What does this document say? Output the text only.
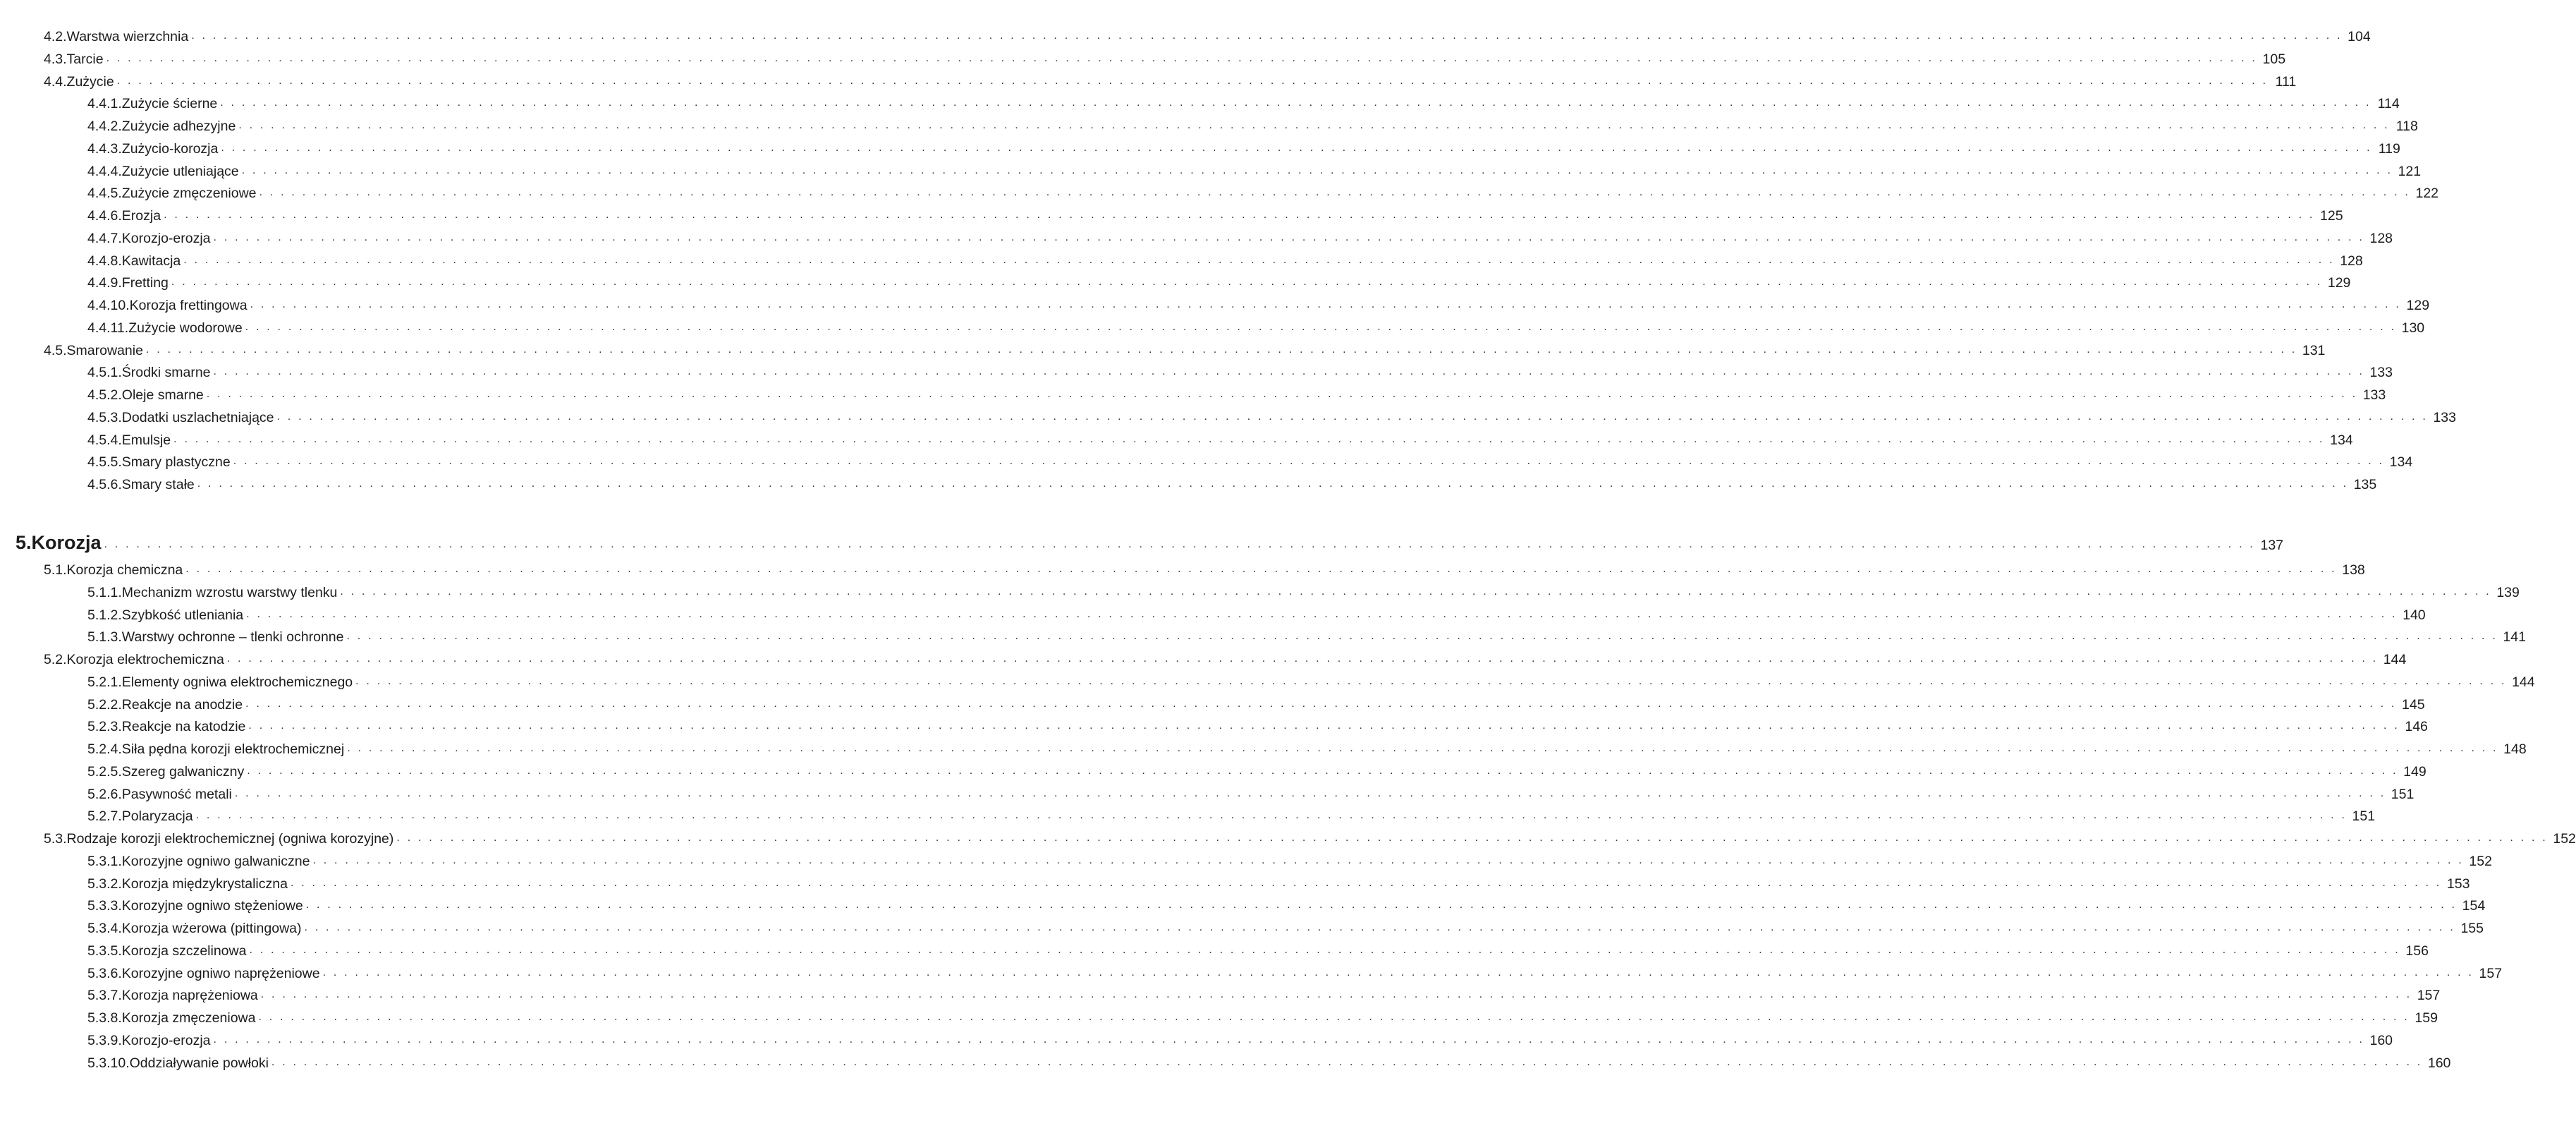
4.2. Warstwa wierzchnia . . . . . . . . . . . . . . . . . . . . . . . . . . . . . . . . . . . . . . . . . . . . . . . . . . . . . . . . . . . . . . . . . . . . . . . . . . . . . . . . . . . . . . . . . . . . . . . . . . . . . . . . . . . . . . . . . . . . . . . . . . . . . . . . . . . . . . . . . . . . . . . . . . . . . . . . . . . . . . . . . . . . . . . . . . . . . . . . . . . . . . . . . . . . . . . . . . . . . . . . 104
4.3. Tarcie . . . . . . . . . . . . . . . . . . . . . . . . . . . . . . . . . . . . . . . . . . . . . . . . . . . . . . . . . . . . . . . . . . . . . . . . . . . . . . . . . . . . . . . . . . . . . . . . . . . . . . . . . . . . . . . . . . . . . . . . . . . . . . . . . . . . . . . . . . . . . . . . . . . . . . . . . . . . . . . . . . . . . . . . . . . . . . . . . . . . . . . . . . . . . . . . . . . . . . . . 105
4.4. Zużycie . . . . . . . . . . . . . . . . . . . . . . . . . . . . . . . . . . . . . . . . . . . . . . . . . . . . . . . . . . . . . . . . . . . . . . . . . . . . . . . . . . . . . . . . . . . . . . . . . . . . . . . . . . . . . . . . . . . . . . . . . . . . . . . . . . . . . . . . . . . . . . . . . . . . . . . . . . . . . . . . . . . . . . . . . . . . . . . . . . . . . . . . . . . . . . . . . . . . . . . . 111
4.4.1. Zużycie ścierne . . . . . . . . . . . . . . . . . . . . . . . . . . . . . . . . . . . . . . . . . . . . . . . . . . . . . . . . . . . . . . . . . . . . . . . . . . . . . . . . . . . . . . . . . . . . . . . . . . . . . . . . . . . . . . . . . . . . . . . . . . . . . . . . . . . . . . . . . . . . . . . . . . . . . . . . . . . . . . . . . . . . . . . . . . . . . . . . . . . . . . . . . . . . . . . . . . . . . . . . 114
4.4.2. Zużycie adhezyjne . . . . . . . . . . . . . . . . . . . . . . . . . . . . . . . . . . . . . . . . . . . . . . . . . . . . . . . . . . . . . . . . . . . . . . . . . . . . . . . . . . . . . . . . . . . . . . . . . . . . . . . . . . . . . . . . . . . . . . . . . . . . . . . . . . . . . . . . . . . . . . . . . . . . . . . . . . . . . . . . . . . . . . . . . . . . . . . . . . . . . . . . . . . . . . . . . . . . . . . . 118
4.4.3. Zużycio-korozja . . . . . . . . . . . . . . . . . . . . . . . . . . . . . . . . . . . . . . . . . . . . . . . . . . . . . . . . . . . . . . . . . . . . . . . . . . . . . . . . . . . . . . . . . . . . . . . . . . . . . . . . . . . . . . . . . . . . . . . . . . . . . . . . . . . . . . . . . . . . . . . . . . . . . . . . . . . . . . . . . . . . . . . . . . . . . . . . . . . . . . . . . . . . . . . . . . . . . . . . 119
4.4.4. Zużycie utleniające . . . . . . . . . . . . . . . . . . . . . . . . . . . . . . . . . . . . . . . . . . . . . . . . . . . . . . . . . . . . . . . . . . . . . . . . . . . . . . . . . . . . . . . . . . . . . . . . . . . . . . . . . . . . . . . . . . . . . . . . . . . . . . . . . . . . . . . . . . . . . . . . . . . . . . . . . . . . . . . . . . . . . . . . . . . . . . . . . . . . . . . . . . . . . . . . . . . . . . . . 121
4.4.5. Zużycie zmęczeniowe . . . . . . . . . . . . . . . . . . . . . . . . . . . . . . . . . . . . . . . . . . . . . . . . . . . . . . . . . . . . . . . . . . . . . . . . . . . . . . . . . . . . . . . . . . . . . . . . . . . . . . . . . . . . . . . . . . . . . . . . . . . . . . . . . . . . . . . . . . . . . . . . . . . . . . . . . . . . . . . . . . . . . . . . . . . . . . . . . . . . . . . . . . . . . . . . . . . . . . . . 122
4.4.6. Erozja . . . . . . . . . . . . . . . . . . . . . . . . . . . . . . . . . . . . . . . . . . . . . . . . . . . . . . . . . . . . . . . . . . . . . . . . . . . . . . . . . . . . . . . . . . . . . . . . . . . . . . . . . . . . . . . . . . . . . . . . . . . . . . . . . . . . . . . . . . . . . . . . . . . . . . . . . . . . . . . . . . . . . . . . . . . . . . . . . . . . . . . . . . . . . . . . . . . . . . . . 125
4.4.7. Korozjo-erozja . . . . . . . . . . . . . . . . . . . . . . . . . . . . . . . . . . . . . . . . . . . . . . . . . . . . . . . . . . . . . . . . . . . . . . . . . . . . . . . . . . . . . . . . . . . . . . . . . . . . . . . . . . . . . . . . . . . . . . . . . . . . . . . . . . . . . . . . . . . . . . . . . . . . . . . . . . . . . . . . . . . . . . . . . . . . . . . . . . . . . . . . . . . . . . . . . . . . . . . . 128
4.4.8. Kawitacja . . . . . . . . . . . . . . . . . . . . . . . . . . . . . . . . . . . . . . . . . . . . . . . . . . . . . . . . . . . . . . . . . . . . . . . . . . . . . . . . . . . . . . . . . . . . . . . . . . . . . . . . . . . . . . . . . . . . . . . . . . . . . . . . . . . . . . . . . . . . . . . . . . . . . . . . . . . . . . . . . . . . . . . . . . . . . . . . . . . . . . . . . . . . . . . . . . . . . . . . 128
4.4.9. Fretting . . . . . . . . . . . . . . . . . . . . . . . . . . . . . . . . . . . . . . . . . . . . . . . . . . . . . . . . . . . . . . . . . . . . . . . . . . . . . . . . . . . . . . . . . . . . . . . . . . . . . . . . . . . . . . . . . . . . . . . . . . . . . . . . . . . . . . . . . . . . . . . . . . . . . . . . . . . . . . . . . . . . . . . . . . . . . . . . . . . . . . . . . . . . . . . . . . . . . . . . 129
4.4.10. Korozja frettingowa . . . . . . . . . . . . . . . . . . . . . . . . . . . . . . . . . . . . . . . . . . . . . . . . . . . . . . . . . . . . . . . . . . . . . . . . . . . . . . . . . . . . . . . . . . . . . . . . . . . . . . . . . . . . . . . . . . . . . . . . . . . . . . . . . . . . . . . . . . . . . . . . . . . . . . . . . . . . . . . . . . . . . . . . . . . . . . . . . . . . . . . . . . . . . . . . . . . . . . . . 129
4.4.11. Zużycie wodorowe . . . . . . . . . . . . . . . . . . . . . . . . . . . . . . . . . . . . . . . . . . . . . . . . . . . . . . . . . . . . . . . . . . . . . . . . . . . . . . . . . . . . . . . . . . . . . . . . . . . . . . . . . . . . . . . . . . . . . . . . . . . . . . . . . . . . . . . . . . . . . . . . . . . . . . . . . . . . . . . . . . . . . . . . . . . . . . . . . . . . . . . . . . . . . . . . . . . . . . . . 130
4.5. Smarowanie . . . . . . . . . . . . . . . . . . . . . . . . . . . . . . . . . . . . . . . . . . . . . . . . . . . . . . . . . . . . . . . . . . . . . . . . . . . . . . . . . . . . . . . . . . . . . . . . . . . . . . . . . . . . . . . . . . . . . . . . . . . . . . . . . . . . . . . . . . . . . . . . . . . . . . . . . . . . . . . . . . . . . . . . . . . . . . . . . . . . . . . . . . . . . . . . . . . . . . . . 131
4.5.1. Środki smarne . . . . . . . . . . . . . . . . . . . . . . . . . . . . . . . . . . . . . . . . . . . . . . . . . . . . . . . . . . . . . . . . . . . . . . . . . . . . . . . . . . . . . . . . . . . . . . . . . . . . . . . . . . . . . . . . . . . . . . . . . . . . . . . . . . . . . . . . . . . . . . . . . . . . . . . . . . . . . . . . . . . . . . . . . . . . . . . . . . . . . . . . . . . . . . . . . . . . . . . . 133
4.5.2. Oleje smarne . . . . . . . . . . . . . . . . . . . . . . . . . . . . . . . . . . . . . . . . . . . . . . . . . . . . . . . . . . . . . . . . . . . . . . . . . . . . . . . . . . . . . . . . . . . . . . . . . . . . . . . . . . . . . . . . . . . . . . . . . . . . . . . . . . . . . . . . . . . . . . . . . . . . . . . . . . . . . . . . . . . . . . . . . . . . . . . . . . . . . . . . . . . . . . . . . . . . . . . . 133
4.5.3. Dodatki uszlachetniające . . . . . . . . . . . . . . . . . . . . . . . . . . . . . . . . . . . . . . . . . . . . . . . . . . . . . . . . . . . . . . . . . . . . . . . . . . . . . . . . . . . . . . . . . . . . . . . . . . . . . . . . . . . . . . . . . . . . . . . . . . . . . . . . . . . . . . . . . . . . . . . . . . . . . . . . . . . . . . . . . . . . . . . . . . . . . . . . . . . . . . . . . . . . . . . . . . . . . . . . 133
4.5.4. Emulsje . . . . . . . . . . . . . . . . . . . . . . . . . . . . . . . . . . . . . . . . . . . . . . . . . . . . . . . . . . . . . . . . . . . . . . . . . . . . . . . . . . . . . . . . . . . . . . . . . . . . . . . . . . . . . . . . . . . . . . . . . . . . . . . . . . . . . . . . . . . . . . . . . . . . . . . . . . . . . . . . . . . . . . . . . . . . . . . . . . . . . . . . . . . . . . . . . . . . . . . . 134
4.5.5. Smary plastyczne . . . . . . . . . . . . . . . . . . . . . . . . . . . . . . . . . . . . . . . . . . . . . . . . . . . . . . . . . . . . . . . . . . . . . . . . . . . . . . . . . . . . . . . . . . . . . . . . . . . . . . . . . . . . . . . . . . . . . . . . . . . . . . . . . . . . . . . . . . . . . . . . . . . . . . . . . . . . . . . . . . . . . . . . . . . . . . . . . . . . . . . . . . . . . . . . . . . . . . . . 134
4.5.6. Smary stałe . . . . . . . . . . . . . . . . . . . . . . . . . . . . . . . . . . . . . . . . . . . . . . . . . . . . . . . . . . . . . . . . . . . . . . . . . . . . . . . . . . . . . . . . . . . . . . . . . . . . . . . . . . . . . . . . . . . . . . . . . . . . . . . . . . . . . . . . . . . . . . . . . . . . . . . . . . . . . . . . . . . . . . . . . . . . . . . . . . . . . . . . . . . . . . . . . . . . . . . . 135
5. Korozja . . . . . . . . . . . . . . . . . . . . . . . . . . . . . . . . . . . . . . . . . . . . . . . . . . . . . . . . . . . . . . . . . . . . . . . . . . . . . . . . . . . . . . . . . . . . . . . . . . . . . . . . . . . . . . . . . . . . . . . . . . . . . . . . . . . . . . . . . . . . . . . . . . . . . . . . . . . . . . . . . . . . . . . . . . . . . . . . . . . . . . . . . . . . . . . . . . . . . . . . 137
5.1. Korozja chemiczna . . . . . . . . . . . . . . . . . . . . . . . . . . . . . . . . . . . . . . . . . . . . . . . . . . . . . . . . . . . . . . . . . . . . . . . . . . . . . . . . . . . . . . . . . . . . . . . . . . . . . . . . . . . . . . . . . . . . . . . . . . . . . . . . . . . . . . . . . . . . . . . . . . . . . . . . . . . . . . . . . . . . . . . . . . . . . . . . . . . . . . . . . . . . . . . . . . . . . . . . 138
5.1.1. Mechanizm wzrostu warstwy tlenku . . . . . . . . . . . . . . . . . . . . . . . . . . . . . . . . . . . . . . . . . . . . . . . . . . . . . . . . . . . . . . . . . . . . . . . . . . . . . . . . . . . . . . . . . . . . . . . . . . . . . . . . . . . . . . . . . . . . . . . . . . . . . . . . . . . . . . . . . . . . . . . . . . . . . . . . . . . . . . . . . . . . . . . . . . . . . . . . . . . . . . . . . . . . . . . . . . . . . . . . 139
5.1.2. Szybkość utleniania . . . . . . . . . . . . . . . . . . . . . . . . . . . . . . . . . . . . . . . . . . . . . . . . . . . . . . . . . . . . . . . . . . . . . . . . . . . . . . . . . . . . . . . . . . . . . . . . . . . . . . . . . . . . . . . . . . . . . . . . . . . . . . . . . . . . . . . . . . . . . . . . . . . . . . . . . . . . . . . . . . . . . . . . . . . . . . . . . . . . . . . . . . . . . . . . . . . . . . . . 140
5.1.3. Warstwy ochronne – tlenki ochronne . . . . . . . . . . . . . . . . . . . . . . . . . . . . . . . . . . . . . . . . . . . . . . . . . . . . . . . . . . . . . . . . . . . . . . . . . . . . . . . . . . . . . . . . . . . . . . . . . . . . . . . . . . . . . . . . . . . . . . . . . . . . . . . . . . . . . . . . . . . . . . . . . . . . . . . . . . . . . . . . . . . . . . . . . . . . . . . . . . . . . . . . . . . . . . . . . . . . . . . . 141
5.2. Korozja elektrochemiczna . . . . . . . . . . . . . . . . . . . . . . . . . . . . . . . . . . . . . . . . . . . . . . . . . . . . . . . . . . . . . . . . . . . . . . . . . . . . . . . . . . . . . . . . . . . . . . . . . . . . . . . . . . . . . . . . . . . . . . . . . . . . . . . . . . . . . . . . . . . . . . . . . . . . . . . . . . . . . . . . . . . . . . . . . . . . . . . . . . . . . . . . . . . . . . . . . . . . . . . . 144
5.2.1. Elementy ogniwa elektrochemicznego . . . . . . . . . . . . . . . . . . . . . . . . . . . . . . . . . . . . . . . . . . . . . . . . . . . . . . . . . . . . . . . . . . . . . . . . . . . . . . . . . . . . . . . . . . . . . . . . . . . . . . . . . . . . . . . . . . . . . . . . . . . . . . . . . . . . . . . . . . . . . . . . . . . . . . . . . . . . . . . . . . . . . . . . . . . . . . . . . . . . . . . . . . . . . . . . . . . . . . . . 144
5.2.2. Reakcje na anodzie . . . . . . . . . . . . . . . . . . . . . . . . . . . . . . . . . . . . . . . . . . . . . . . . . . . . . . . . . . . . . . . . . . . . . . . . . . . . . . . . . . . . . . . . . . . . . . . . . . . . . . . . . . . . . . . . . . . . . . . . . . . . . . . . . . . . . . . . . . . . . . . . . . . . . . . . . . . . . . . . . . . . . . . . . . . . . . . . . . . . . . . . . . . . . . . . . . . . . . . . 145
5.2.3. Reakcje na katodzie . . . . . . . . . . . . . . . . . . . . . . . . . . . . . . . . . . . . . . . . . . . . . . . . . . . . . . . . . . . . . . . . . . . . . . . . . . . . . . . . . . . . . . . . . . . . . . . . . . . . . . . . . . . . . . . . . . . . . . . . . . . . . . . . . . . . . . . . . . . . . . . . . . . . . . . . . . . . . . . . . . . . . . . . . . . . . . . . . . . . . . . . . . . . . . . . . . . . . . . . 146
5.2.4. Siła pędna korozji elektrochemicznej . . . . . . . . . . . . . . . . . . . . . . . . . . . . . . . . . . . . . . . . . . . . . . . . . . . . . . . . . . . . . . . . . . . . . . . . . . . . . . . . . . . . . . . . . . . . . . . . . . . . . . . . . . . . . . . . . . . . . . . . . . . . . . . . . . . . . . . . . . . . . . . . . . . . . . . . . . . . . . . . . . . . . . . . . . . . . . . . . . . . . . . . . . . . . . . . . . . . . . . . 148
5.2.5. Szereg galwaniczny . . . . . . . . . . . . . . . . . . . . . . . . . . . . . . . . . . . . . . . . . . . . . . . . . . . . . . . . . . . . . . . . . . . . . . . . . . . . . . . . . . . . . . . . . . . . . . . . . . . . . . . . . . . . . . . . . . . . . . . . . . . . . . . . . . . . . . . . . . . . . . . . . . . . . . . . . . . . . . . . . . . . . . . . . . . . . . . . . . . . . . . . . . . . . . . . . . . . . . . . 149
5.2.6. Pasywność metali . . . . . . . . . . . . . . . . . . . . . . . . . . . . . . . . . . . . . . . . . . . . . . . . . . . . . . . . . . . . . . . . . . . . . . . . . . . . . . . . . . . . . . . . . . . . . . . . . . . . . . . . . . . . . . . . . . . . . . . . . . . . . . . . . . . . . . . . . . . . . . . . . . . . . . . . . . . . . . . . . . . . . . . . . . . . . . . . . . . . . . . . . . . . . . . . . . . . . . . . 151
5.2.7. Polaryzacja . . . . . . . . . . . . . . . . . . . . . . . . . . . . . . . . . . . . . . . . . . . . . . . . . . . . . . . . . . . . . . . . . . . . . . . . . . . . . . . . . . . . . . . . . . . . . . . . . . . . . . . . . . . . . . . . . . . . . . . . . . . . . . . . . . . . . . . . . . . . . . . . . . . . . . . . . . . . . . . . . . . . . . . . . . . . . . . . . . . . . . . . . . . . . . . . . . . . . . . . 151
5.3. Rodzaje korozji elektrochemicznej (ogniwa korozyjne) . . . . . . . . . . . . . . . . . . . . . . . . . . . . . . . . . . . . . . . . . . . . . . . . . . . . . . . . . . . . . . . . . . . . . . . . . . . . . . . . . . . . . . . . . . . . . . . . . . . . . . . . . . . . . . . . . . . . . . . . . . . . . . . . . . . . . . . . . . . . . . . . . . . . . . . . . . . . . . . . . . . . . . . . . . . . . . . . . . . . . . . . . . . . . . . . . . . . . . . . 152
5.3.1. Korozyjne ogniwo galwaniczne . . . . . . . . . . . . . . . . . . . . . . . . . . . . . . . . . . . . . . . . . . . . . . . . . . . . . . . . . . . . . . . . . . . . . . . . . . . . . . . . . . . . . . . . . . . . . . . . . . . . . . . . . . . . . . . . . . . . . . . . . . . . . . . . . . . . . . . . . . . . . . . . . . . . . . . . . . . . . . . . . . . . . . . . . . . . . . . . . . . . . . . . . . . . . . . . . . . . . . . . 152
5.3.2. Korozja międzykrystaliczna . . . . . . . . . . . . . . . . . . . . . . . . . . . . . . . . . . . . . . . . . . . . . . . . . . . . . . . . . . . . . . . . . . . . . . . . . . . . . . . . . . . . . . . . . . . . . . . . . . . . . . . . . . . . . . . . . . . . . . . . . . . . . . . . . . . . . . . . . . . . . . . . . . . . . . . . . . . . . . . . . . . . . . . . . . . . . . . . . . . . . . . . . . . . . . . . . . . . . . . . 153
5.3.3. Korozyjne ogniwo stężeniowe . . . . . . . . . . . . . . . . . . . . . . . . . . . . . . . . . . . . . . . . . . . . . . . . . . . . . . . . . . . . . . . . . . . . . . . . . . . . . . . . . . . . . . . . . . . . . . . . . . . . . . . . . . . . . . . . . . . . . . . . . . . . . . . . . . . . . . . . . . . . . . . . . . . . . . . . . . . . . . . . . . . . . . . . . . . . . . . . . . . . . . . . . . . . . . . . . . . . . . . . 154
5.3.4. Korozja wżerowa (pittingowa) . . . . . . . . . . . . . . . . . . . . . . . . . . . . . . . . . . . . . . . . . . . . . . . . . . . . . . . . . . . . . . . . . . . . . . . . . . . . . . . . . . . . . . . . . . . . . . . . . . . . . . . . . . . . . . . . . . . . . . . . . . . . . . . . . . . . . . . . . . . . . . . . . . . . . . . . . . . . . . . . . . . . . . . . . . . . . . . . . . . . . . . . . . . . . . . . . . . . . . . . 155
5.3.5. Korozja szczelinowa . . . . . . . . . . . . . . . . . . . . . . . . . . . . . . . . . . . . . . . . . . . . . . . . . . . . . . . . . . . . . . . . . . . . . . . . . . . . . . . . . . . . . . . . . . . . . . . . . . . . . . . . . . . . . . . . . . . . . . . . . . . . . . . . . . . . . . . . . . . . . . . . . . . . . . . . . . . . . . . . . . . . . . . . . . . . . . . . . . . . . . . . . . . . . . . . . . . . . . . . 156
5.3.6. Korozyjne ogniwo naprężeniowe . . . . . . . . . . . . . . . . . . . . . . . . . . . . . . . . . . . . . . . . . . . . . . . . . . . . . . . . . . . . . . . . . . . . . . . . . . . . . . . . . . . . . . . . . . . . . . . . . . . . . . . . . . . . . . . . . . . . . . . . . . . . . . . . . . . . . . . . . . . . . . . . . . . . . . . . . . . . . . . . . . . . . . . . . . . . . . . . . . . . . . . . . . . . . . . . . . . . . . . . 157
5.3.7. Korozja naprężeniowa . . . . . . . . . . . . . . . . . . . . . . . . . . . . . . . . . . . . . . . . . . . . . . . . . . . . . . . . . . . . . . . . . . . . . . . . . . . . . . . . . . . . . . . . . . . . . . . . . . . . . . . . . . . . . . . . . . . . . . . . . . . . . . . . . . . . . . . . . . . . . . . . . . . . . . . . . . . . . . . . . . . . . . . . . . . . . . . . . . . . . . . . . . . . . . . . . . . . . . . . 157
5.3.8. Korozja zmęczeniowa . . . . . . . . . . . . . . . . . . . . . . . . . . . . . . . . . . . . . . . . . . . . . . . . . . . . . . . . . . . . . . . . . . . . . . . . . . . . . . . . . . . . . . . . . . . . . . . . . . . . . . . . . . . . . . . . . . . . . . . . . . . . . . . . . . . . . . . . . . . . . . . . . . . . . . . . . . . . . . . . . . . . . . . . . . . . . . . . . . . . . . . . . . . . . . . . . . . . . . . . 159
5.3.9. Korozjo-erozja . . . . . . . . . . . . . . . . . . . . . . . . . . . . . . . . . . . . . . . . . . . . . . . . . . . . . . . . . . . . . . . . . . . . . . . . . . . . . . . . . . . . . . . . . . . . . . . . . . . . . . . . . . . . . . . . . . . . . . . . . . . . . . . . . . . . . . . . . . . . . . . . . . . . . . . . . . . . . . . . . . . . . . . . . . . . . . . . . . . . . . . . . . . . . . . . . . . . . . . . 160
5.3.10. Oddziaływanie powłoki . . . . . . . . . . . . . . . . . . . . . . . . . . . . . . . . . . . . . . . . . . . . . . . . . . . . . . . . . . . . . . . . . . . . . . . . . . . . . . . . . . . . . . . . . . . . . . . . . . . . . . . . . . . . . . . . . . . . . . . . . . . . . . . . . . . . . . . . . . . . . . . . . . . . . . . . . . . . . . . . . . . . . . . . . . . . . . . . . . . . . . . . . . . . . . . . . . . . . . . . 160
